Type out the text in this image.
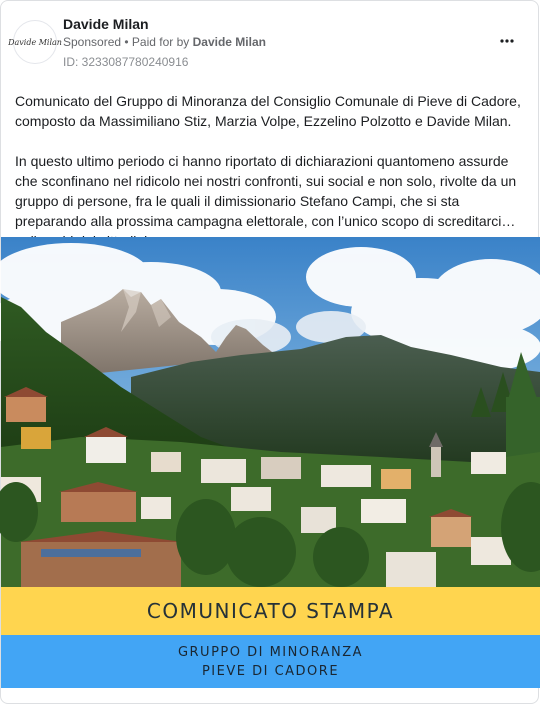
Davide Milan
Davide Milan
Sponsored • Paid for by Davide Milan
ID: 3233087780240916

Comunicato del Gruppo di Minoranza del Consiglio Comunale di Pieve di Cadore, composto da Massimiliano Stiz, Marzia Volpe, Ezzelino Polzotto e Davide Milan.

In questo ultimo periodo ci hanno riportato di dichiarazioni quantomeno assurde che sconfinano nel ridicolo nei nostri confronti, sui social e non solo, rivolte da un gruppo di persone, fra le quali il dimissionario Stefano Campi, che si sta preparando alla prossima campagna elettorale, con l’unico scopo di screditarci

COMUNICATO STAMPA
GRUPPO DI MINORANZA
PIEVE DI CADORE
